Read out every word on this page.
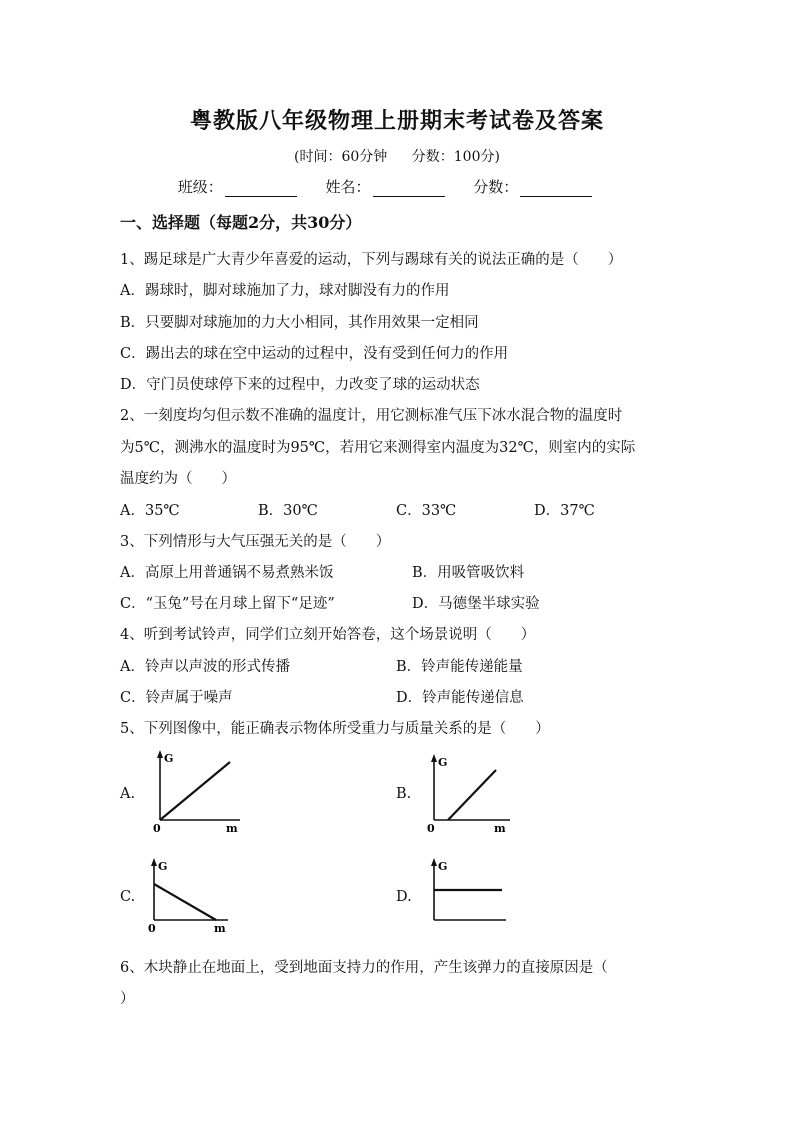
粤教版八年级物理上册期末考试卷及答案
(时间：60分钟 分数：100分)
班级：	姓名：	分数：
一、选择题（每题2分，共30分）
1、踢足球是广大青少年喜爱的运动，下列与踢球有关的说法正确的是（　　）
A．踢球时，脚对球施加了力，球对脚没有力的作用
B．只要脚对球施加的力大小相同，其作用效果一定相同
C．踢出去的球在空中运动的过程中，没有受到任何力的作用
D．守门员使球停下来的过程中，力改变了球的运动状态
2、一刻度均匀但示数不准确的温度计，用它测标准气压下冰水混合物的温度时
为5℃，测沸水的温度时为95℃，若用它来测得室内温度为32℃，则室内的实际
温度约为（　　）
A．35℃	B．30℃	C．33℃	D．37℃
3、下列情形与大气压强无关的是（　　）
A．高原上用普通锅不易煮熟米饭	B．用吸管吸饮料
C．“玉兔”号在月球上留下“足迹”	D．马德堡半球实验
4、听到考试铃声，同学们立刻开始答卷，这个场景说明（　　）
A．铃声以声波的形式传播	B．铃声能传递能量
C．铃声属于噪声	D．铃声能传递信息
5、下列图像中，能正确表示物体所受重力与质量关系的是（　　）
A.	B.
C.	D.
G
0	m
G
0	m
G
0	m
G
6、木块静止在地面上，受到地面支持力的作用，产生该弹力的直接原因是（
）
